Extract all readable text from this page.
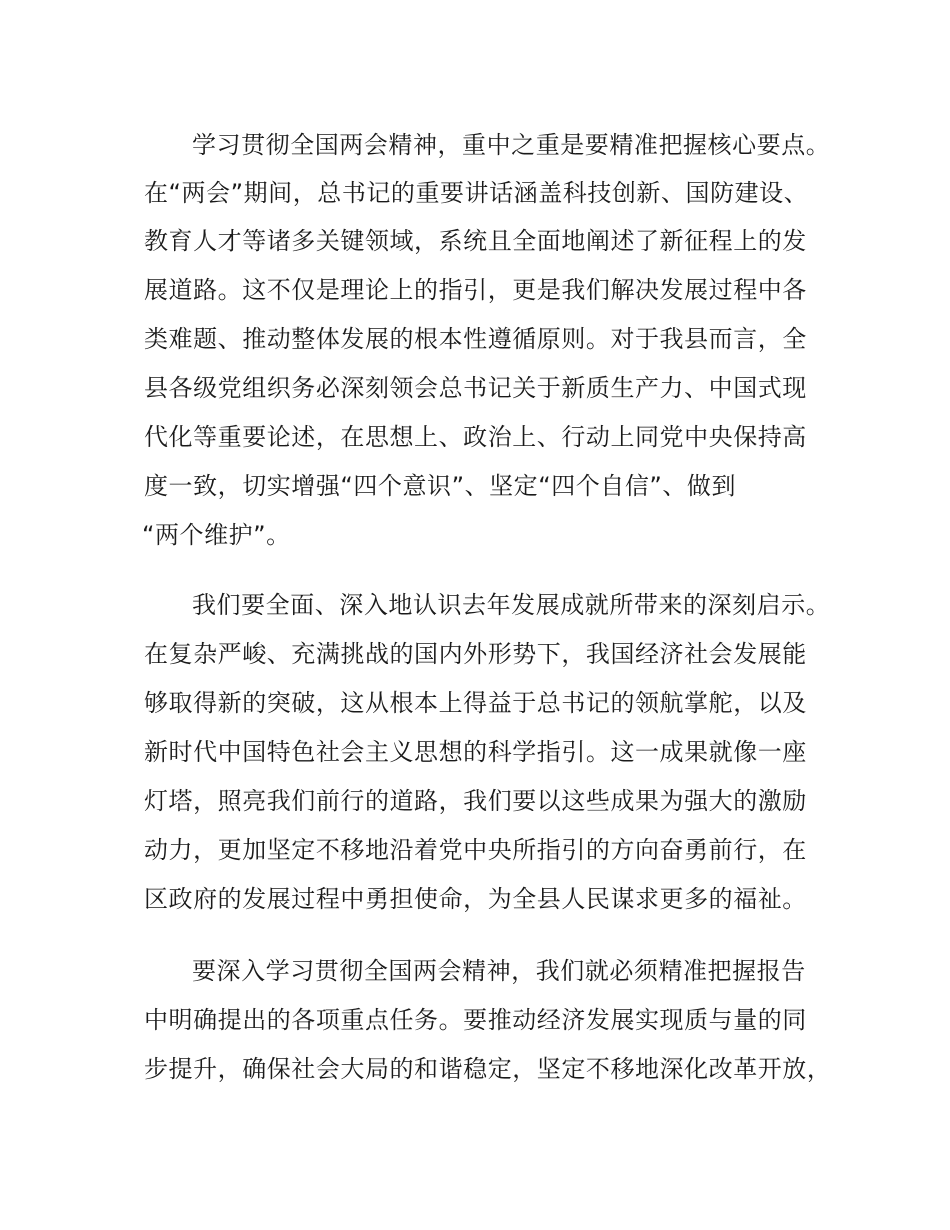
学习贯彻全国两会精神，重中之重是要精准把握核心要点。
在“两会”期间，总书记的重要讲话涵盖科技创新、国防建设、
教育人才等诸多关键领域，系统且全面地阐述了新征程上的发
展道路。这不仅是理论上的指引，更是我们解决发展过程中各
类难题、推动整体发展的根本性遵循原则。对于我县而言，全
县各级党组织务必深刻领会总书记关于新质生产力、中国式现
代化等重要论述，在思想上、政治上、行动上同党中央保持高
度一致，切实增强“四个意识”、坚定“四个自信”、做到
“两个维护”。
我们要全面、深入地认识去年发展成就所带来的深刻启示。
在复杂严峻、充满挑战的国内外形势下，我国经济社会发展能
够取得新的突破，这从根本上得益于总书记的领航掌舵，以及
新时代中国特色社会主义思想的科学指引。这一成果就像一座
灯塔，照亮我们前行的道路，我们要以这些成果为强大的激励
动力，更加坚定不移地沿着党中央所指引的方向奋勇前行，在
区政府的发展过程中勇担使命，为全县人民谋求更多的福祉。
要深入学习贯彻全国两会精神，我们就必须精准把握报告
中明确提出的各项重点任务。要推动经济发展实现质与量的同
步提升，确保社会大局的和谐稳定，坚定不移地深化改革开放，
